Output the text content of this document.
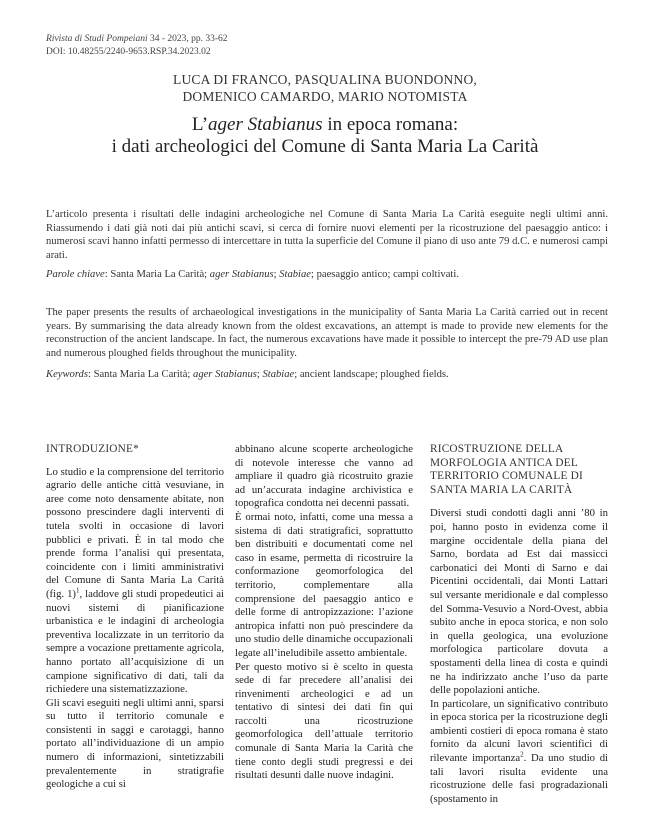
Rivista di Studi Pompeiani 34 - 2023, pp. 33-62
DOI: 10.48255/2240-9653.RSP.34.2023.02
LUCA DI FRANCO, PASQUALINA BUONDONNO,
DOMENICO CAMARDO, MARIO NOTOMISTA
L’ager Stabianus in epoca romana:
i dati archeologici del Comune di Santa Maria La Carità
L’articolo presenta i risultati delle indagini archeologiche nel Comune di Santa Maria La Carità eseguite negli ultimi anni. Riassumendo i dati già noti dai più antichi scavi, si cerca di fornire nuovi elementi per la ricostruzione del paesaggio antico: i numerosi scavi hanno infatti permesso di intercettare in tutta la superficie del Comune il piano di uso ante 79 d.C. e numerosi campi arati.
Parole chiave: Santa Maria La Carità; ager Stabianus; Stabiae; paesaggio antico; campi coltivati.
The paper presents the results of archaeological investigations in the municipality of Santa Maria La Carità carried out in recent years. By summarising the data already known from the oldest excavations, an attempt is made to provide new elements for the reconstruction of the ancient landscape. In fact, the numerous excavations have made it possible to intercept the pre-79 AD use plan and numerous ploughed fields throughout the municipality.
Keywords: Santa Maria La Carità; ager Stabianus; Stabiae; ancient landscape; ploughed fields.
INTRODUZIONE*

Lo studio e la comprensione del territorio agrario delle antiche città vesuviane, in aree come noto densamente abitate, non possono prescindere dagli interventi di tutela svolti in occasione di lavori pubblici e privati. È in tal modo che prende forma l’analisi qui presentata, coincidente con i limiti amministrativi del Comune di Santa Maria La Carità (fig. 1)$^1$, laddove gli studi propedeutici ai nuovi sistemi di pianificazione urbanistica e le indagini di archeologia preventiva localizzate in un territorio da sempre a vocazione prettamente agricola, hanno portato all’acquisizione di un campione significativo di dati, tali da richiedere una sistematizzazione.

Gli scavi eseguiti negli ultimi anni, sparsi su tutto il territorio comunale e consistenti in saggi e carotaggi, hanno portato all’individuazione di un ampio numero di informazioni, sintetizzabili prevalentemente in stratigrafie geologiche a cui si

abbinano alcune scoperte archeologiche di notevole interesse che vanno ad ampliare il quadro già ricostruito grazie ad un’accurata indagine archivistica e topografica condotta nei decenni passati.

È ormai noto, infatti, come una messa a sistema di dati stratigrafici, soprattutto ben distribuiti e documentati come nel caso in esame, permetta di ricostruire la conformazione geomorfologica del territorio, complementare alla comprensione del paesaggio antico e delle forme di antropizzazione: l’azione antropica infatti non può prescindere da uno studio delle dinamiche occupazionali legate all’ineludibile assetto ambientale.

Per questo motivo si è scelto in questa sede di far precedere all’analisi dei rinvenimenti archeologici e ad un tentativo di sintesi dei dati fin qui raccolti una ricostruzione geomorfologica dell’attuale territorio comunale di Santa Maria la Carità che tiene conto degli studi pregressi e dei risultati desunti dalle nuove indagini.

RICOSTRUZIONE DELLA MORFOLOGIA ANTICA DEL TERRITORIO COMUNALE DI SANTA MARIA LA CARITÀ

Diversi studi condotti dagli anni ’80 in poi, hanno posto in evidenza come il margine occidentale della piana del Sarno, bordata ad Est dai massicci carbonatici dei Monti di Sarno e dai Picentini occidentali, dai Monti Lattari sul versante meridionale e dal complesso del Somma-Vesuvio a Nord-Ovest, abbia subito anche in epoca storica, e non solo in quella geologica, una evoluzione morfologica particolare dovuta a spostamenti della linea di costa e quindi ne ha indirizzato anche l’uso da parte delle popolazioni antiche.

In particolare, un significativo contributo in epoca storica per la ricostruzione degli ambienti costieri di epoca romana è stato fornito da alcuni lavori scientifici di rilevante importanza$^2$. Da uno studio di tali lavori risulta evidente una ricostruzione delle fasi progradazionali (spostamento in
